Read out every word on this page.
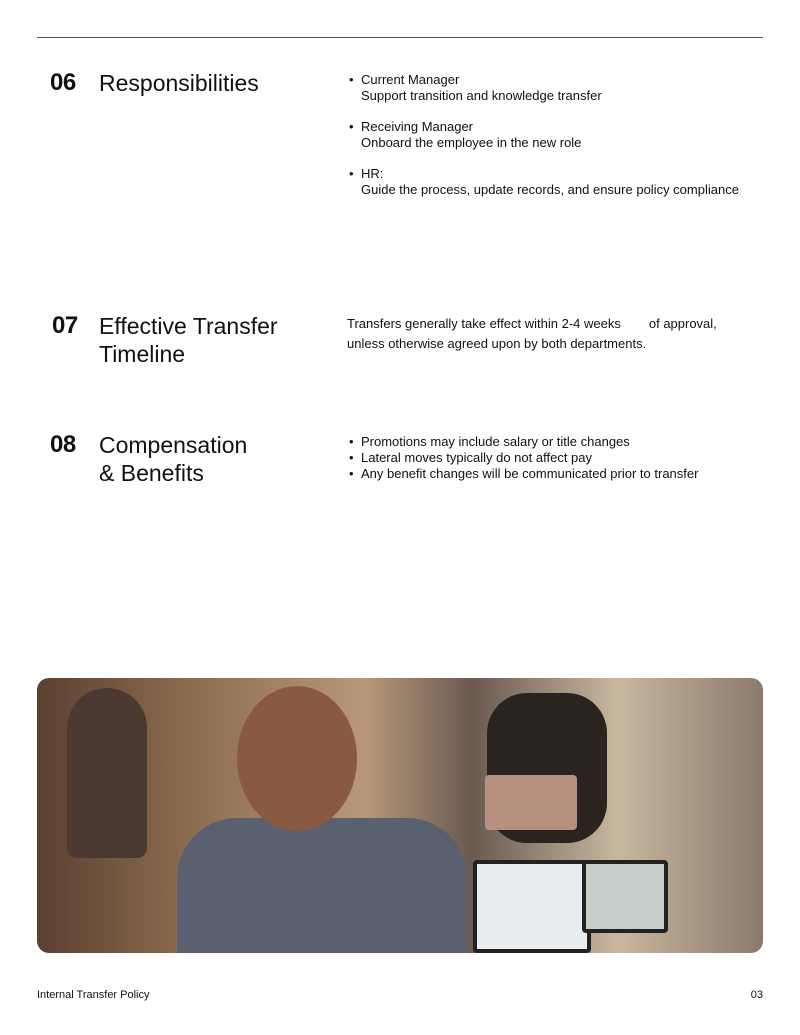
06 Responsibilities	• Current Manager
Support transition and knowledge transfer
• Receiving Manager
Onboard the employee in the new role
• HR:
Guide the process, update records, and ensure policy compliance
07 Effective Transfer
Timeline
Transfers generally take effect within 2-4 weeks of approval,
unless otherwise agreed upon by both departments.
08 Compensation
& Benefits
• Promotions may include salary or title changes
• Lateral moves typically do not affect pay
• Any benefit changes will be communicated prior to transfer
Internal Transfer Policy	03
